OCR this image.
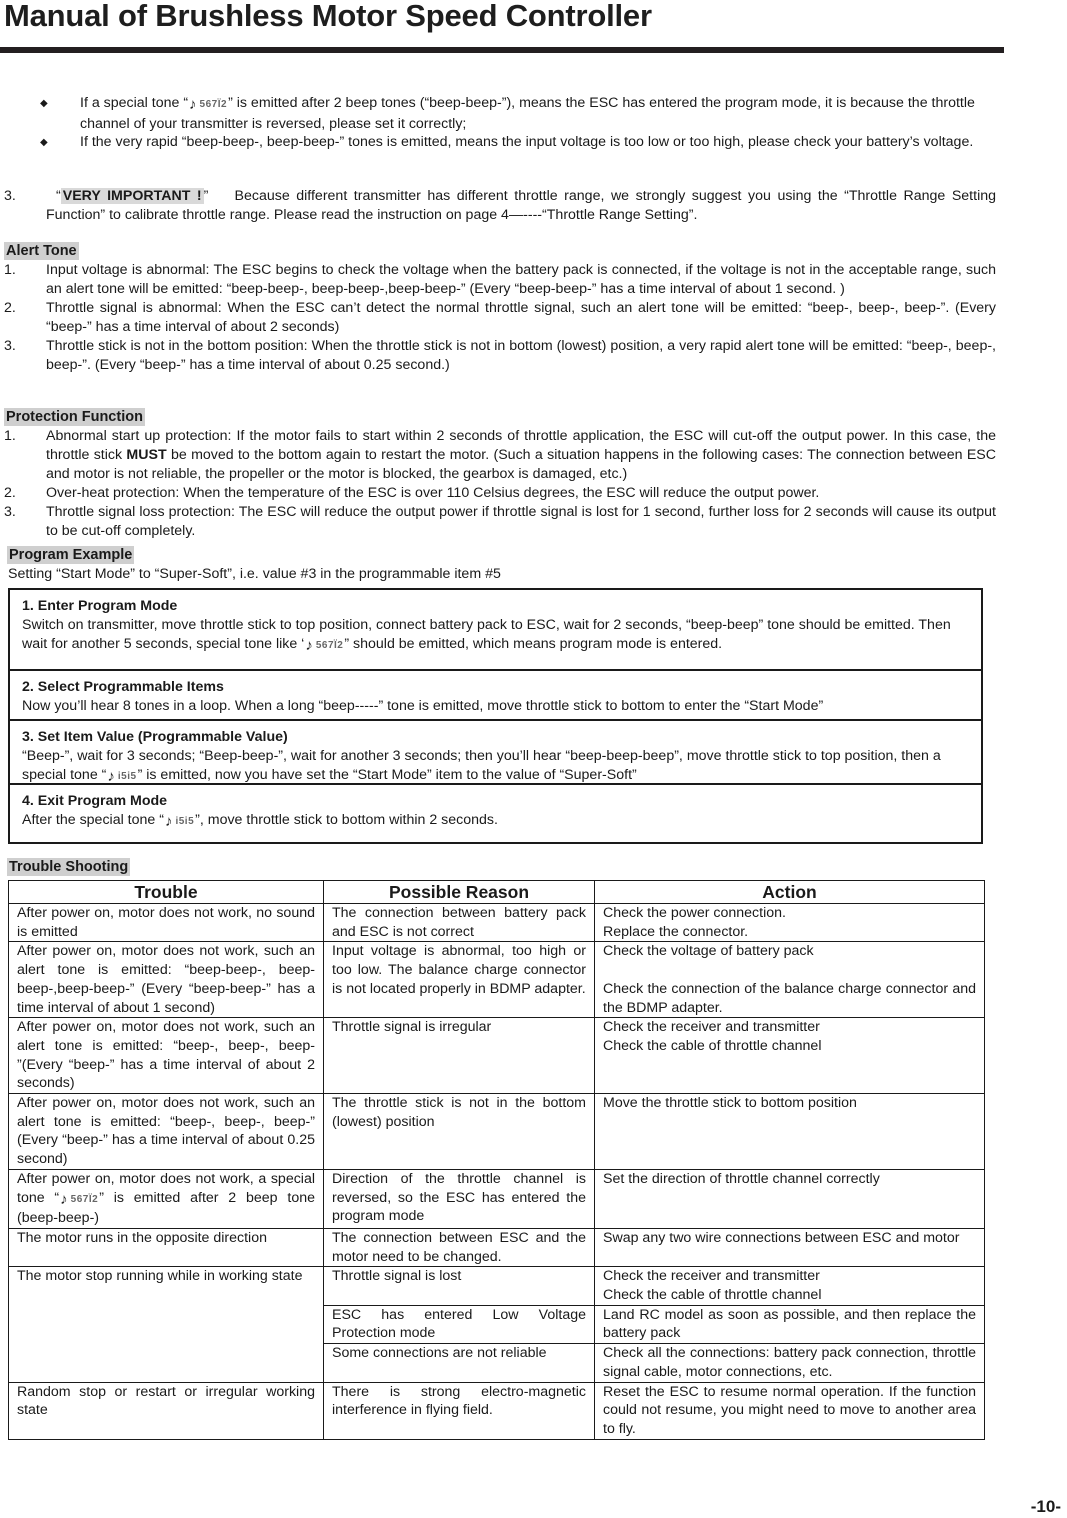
Manual of Brushless Motor Speed Controller
◆	If a special tone “ ♪ 567Ï2 ” is emitted after 2 beep tones (“beep-beep-”), means the ESC has entered the program mode, it is because the throttle channel of your transmitter is reversed, please set it correctly;
◆	If the very rapid “beep-beep-, beep-beep-” tones is emitted, means the input voltage is too low or too high, please check your battery’s voltage.
3.	“ VERY IMPORTANT ! ” Because different transmitter has different throttle range, we strongly suggest you using the “Throttle Range Setting Function” to calibrate throttle range. Please read the instruction on page 4—----“Throttle Range Setting”.
Alert Tone
1.	Input voltage is abnormal: The ESC begins to check the voltage when the battery pack is connected, if the voltage is not in the acceptable range, such an alert tone will be emitted: “beep-beep-, beep-beep-,beep-beep-” (Every “beep-beep-” has a time interval of about 1 second. )
2.	Throttle signal is abnormal: When the ESC can’t detect the normal throttle signal, such an alert tone will be emitted: “beep-, beep-, beep-”. (Every “beep-” has a time interval of about 2 seconds)
3.	Throttle stick is not in the bottom position: When the throttle stick is not in bottom (lowest) position, a very rapid alert tone will be emitted: “beep-, beep-, beep-”. (Every “beep-” has a time interval of about 0.25 second.)
Protection Function
1.	Abnormal start up protection: If the motor fails to start within 2 seconds of throttle application, the ESC will cut-off the output power. In this case, the throttle stick MUST be moved to the bottom again to restart the motor. (Such a situation happens in the following cases: The connection between ESC and motor is not reliable, the propeller or the motor is blocked, the gearbox is damaged, etc.)
2.	Over-heat protection: When the temperature of the ESC is over 110 Celsius degrees, the ESC will reduce the output power.
3.	Throttle signal loss protection: The ESC will reduce the output power if throttle signal is lost for 1 second, further loss for 2 seconds will cause its output to be cut-off completely.
Program Example
Setting “Start Mode” to “Super-Soft”, i.e. value #3 in the programmable item #5
1. Enter Program Mode
Switch on transmitter, move throttle stick to top position, connect battery pack to ESC, wait for 2 seconds, “beep-beep” tone should be emitted. Then wait for another 5 seconds, special tone like ‘ ♪ 567Ï2 ” should be emitted, which means program mode is entered.
2. Select Programmable Items
Now you’ll hear 8 tones in a loop. When a long “beep-----” tone is emitted, move throttle stick to bottom to enter the “Start Mode”
3. Set Item Value (Programmable Value)
“Beep-”, wait for 3 seconds; “Beep-beep-”, wait for another 3 seconds; then you’ll hear “beep-beep-beep”, move throttle stick to top position, then a special tone “ ♪ i5i5 ” is emitted, now you have set the “Start Mode” item to the value of “Super-Soft”
4. Exit Program Mode
After the special tone “ ♪ i5i5 ”, move throttle stick to bottom within 2 seconds.
Trouble Shooting
Trouble	Possible Reason	Action
After power on, motor does not work, no sound is emitted	The connection between battery pack and ESC is not correct	Check the power connection.
Replace the connector.

After power on, motor does not work, such an alert tone is emitted: “beep-beep-, beep-beep-,beep-beep-” (Every “beep-beep-” has a time interval of about 1 second)	Input voltage is abnormal, too high or too low. The balance charge connector is not located properly in BDMP adapter.	Check the voltage of battery pack
Check the connection of the balance charge connector and the BDMP adapter.

After power on, motor does not work, such an alert tone is emitted: “beep-, beep-, beep- ”(Every “beep-” has a time interval of about 2 seconds)	Throttle signal is irregular	Check the receiver and transmitter
Check the cable of throttle channel

After power on, motor does not work, such an alert tone is emitted: “beep-, beep-, beep-” (Every “beep-” has a time interval of about 0.25 second)	The throttle stick is not in the bottom (lowest) position	Move the throttle stick to bottom position

After power on, motor does not work, a special tone “ ♪ 567Ï2 ” is emitted after 2 beep tone (beep-beep-)	Direction of the throttle channel is reversed, so the ESC has entered the program mode	Set the direction of throttle channel correctly

The motor runs in the opposite direction	The connection between ESC and the motor need to be changed.	Swap any two wire connections between ESC and motor

The motor stop running while in working state	Throttle signal is lost	Check the receiver and transmitter
Check the cable of throttle channel

	ESC has entered Low Voltage Protection mode	Land RC model as soon as possible, and then replace the battery pack
	Some connections are not reliable	Check all the connections: battery pack connection, throttle signal cable, motor connections, etc.
Random stop or restart or irregular working state	There is strong electro-magnetic interference in flying field.	Reset the ESC to resume normal operation. If the function could not resume, you might need to move to another area to fly.
-10-
